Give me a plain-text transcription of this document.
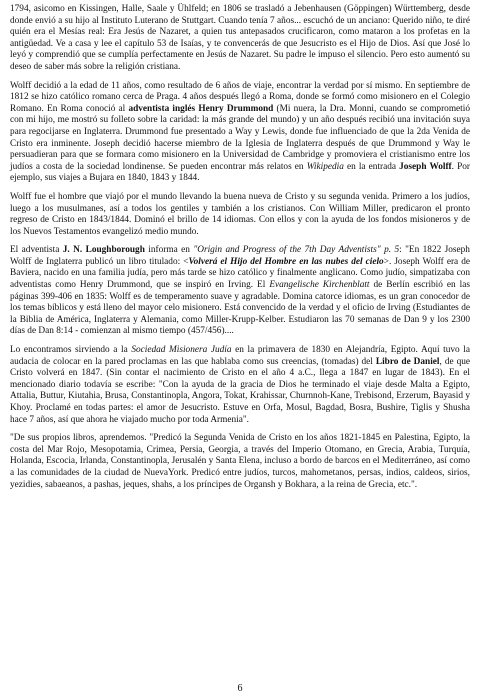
1794, asicomo en Kissingen, Halle, Saale y Ühlfeld; en 1806 se trasladó a Jebenhausen (Göppingen) Württemberg, desde donde envió a su hijo al Instituto Luterano de Stuttgart. Cuando tenía 7 años... escuchó de un anciano: Querido niño, te diré quién era el Mesías real: Era Jesús de Nazaret, a quien tus antepasados crucificaron, como mataron a los profetas en la antigüedad. Ve a casa y lee el capítulo 53 de Isaías, y te convencerás de que Jesucristo es el Hijo de Dios. Así que José lo leyó y comprendió que se cumplía perfectamente en Jesús de Nazaret. Su padre le impuso el silencio. Pero esto aumentó su deseo de saber más sobre la religión cristiana.

Wolff decidió a la edad de 11 años, como resultado de 6 años de viaje, encontrar la verdad por sí mismo. En septiembre de 1812 se hizo católico romano cerca de Praga. 4 años después llegó a Roma, donde se formó como misionero en el Colegio Romano. En Roma conoció al adventista inglés Henry Drummond (Mi nuera, la Dra. Monni, cuando se comprometió con mi hijo, me mostró su folleto sobre la caridad: la más grande del mundo) y un año después recibió una invitación suya para regocijarse en Inglaterra. Drummond fue presentado a Way y Lewis, donde fue influenciado de que la 2da Venida de Cristo era inminente. Joseph decidió hacerse miembro de la Iglesia de Inglaterra después de que Drummond y Way le persuadieran para que se formara como misionero en la Universidad de Cambridge y promoviera el cristianismo entre los judíos a costa de la sociedad londinense. Se pueden encontrar más relatos en Wikipedia en la entrada Joseph Wolff. Por ejemplo, sus viajes a Bujara en 1840, 1843 y 1844.

Wolff fue el hombre que viajó por el mundo llevando la buena nueva de Cristo y su segunda venida. Primero a los judíos, luego a los musulmanes, así a todos los gentiles y también a los cristianos. Con William Miller, predicaron el pronto regreso de Cristo en 1843/1844. Dominó el brillo de 14 idiomas. Con ellos y con la ayuda de los fondos misioneros y de los Nuevos Testamentos evangelizó medio mundo.

El adventista J. N. Loughborough informa en "Origin and Progress of the 7th Day Adventists" p. 5: "En 1822 Joseph Wolff de Inglaterra publicó un libro titulado: <Volverá el Hijo del Hombre en las nubes del cielo>. Joseph Wolff era de Baviera, nacido en una familia judía, pero más tarde se hizo católico y finalmente anglicano. Como judío, simpatizaba con adventistas como Henry Drummond, que se inspiró en Irving. El Evangelische Kirchenblatt de Berlín escribió en las páginas 399-406 en 1835: Wolff es de temperamento suave y agradable. Domina catorce idiomas, es un gran conocedor de los temas bíblicos y está lleno del mayor celo misionero. Está convencido de la verdad y el oficio de Irving (Estudiantes de la Biblia de América, Inglaterra y Alemania, como Miller-Krupp-Kelber. Estudiaron las 70 semanas de Dan 9 y los 2300 días de Dan 8:14 - comienzan al mismo tiempo (457/456)....

Lo encontramos sirviendo a la Sociedad Misionera Judía en la primavera de 1830 en Alejandría, Egipto. Aquí tuvo la audacia de colocar en la pared proclamas en las que hablaba como sus creencias, (tomadas) del Libro de Daniel, de que Cristo volverá en 1847. (Sin contar el nacimiento de Cristo en el año 4 a.C., llega a 1847 en lugar de 1843). En el mencionado diario todavía se escribe: "Con la ayuda de la gracia de Dios he terminado el viaje desde Malta a Egipto, Attalia, Buttur, Kiutahia, Brusa, Constantinopla, Angora, Tokat, Krahissar, Churnnoh-Kane, Trebisond, Erzerum, Bayasid y Khoy. Proclamé en todas partes: el amor de Jesucristo. Estuve en Orfa, Mosul, Bagdad, Bosra, Bushire, Tiglis y Shusha hace 7 años, así que ahora he viajado mucho por toda Armenia".

"De sus propios libros, aprendemos. "Predicó la Segunda Venida de Cristo en los años 1821-1845 en Palestina, Egipto, la costa del Mar Rojo, Mesopotamia, Crimea, Persia, Georgia, a través del Imperio Otomano, en Grecia, Arabia, Turquía, Holanda, Escocia, Irlanda, Constantinopla, Jerusalén y Santa Elena, incluso a bordo de barcos en el Mediterráneo, así como a las comunidades de la ciudad de NuevaYork. Predicó entre judíos, turcos, mahometanos, persas, indios, caldeos, sirios, yezidies, sabaeanos, a pashas, jeques, shahs, a los príncipes de Organsh y Bokhara, a la reina de Grecia, etc.".

6
